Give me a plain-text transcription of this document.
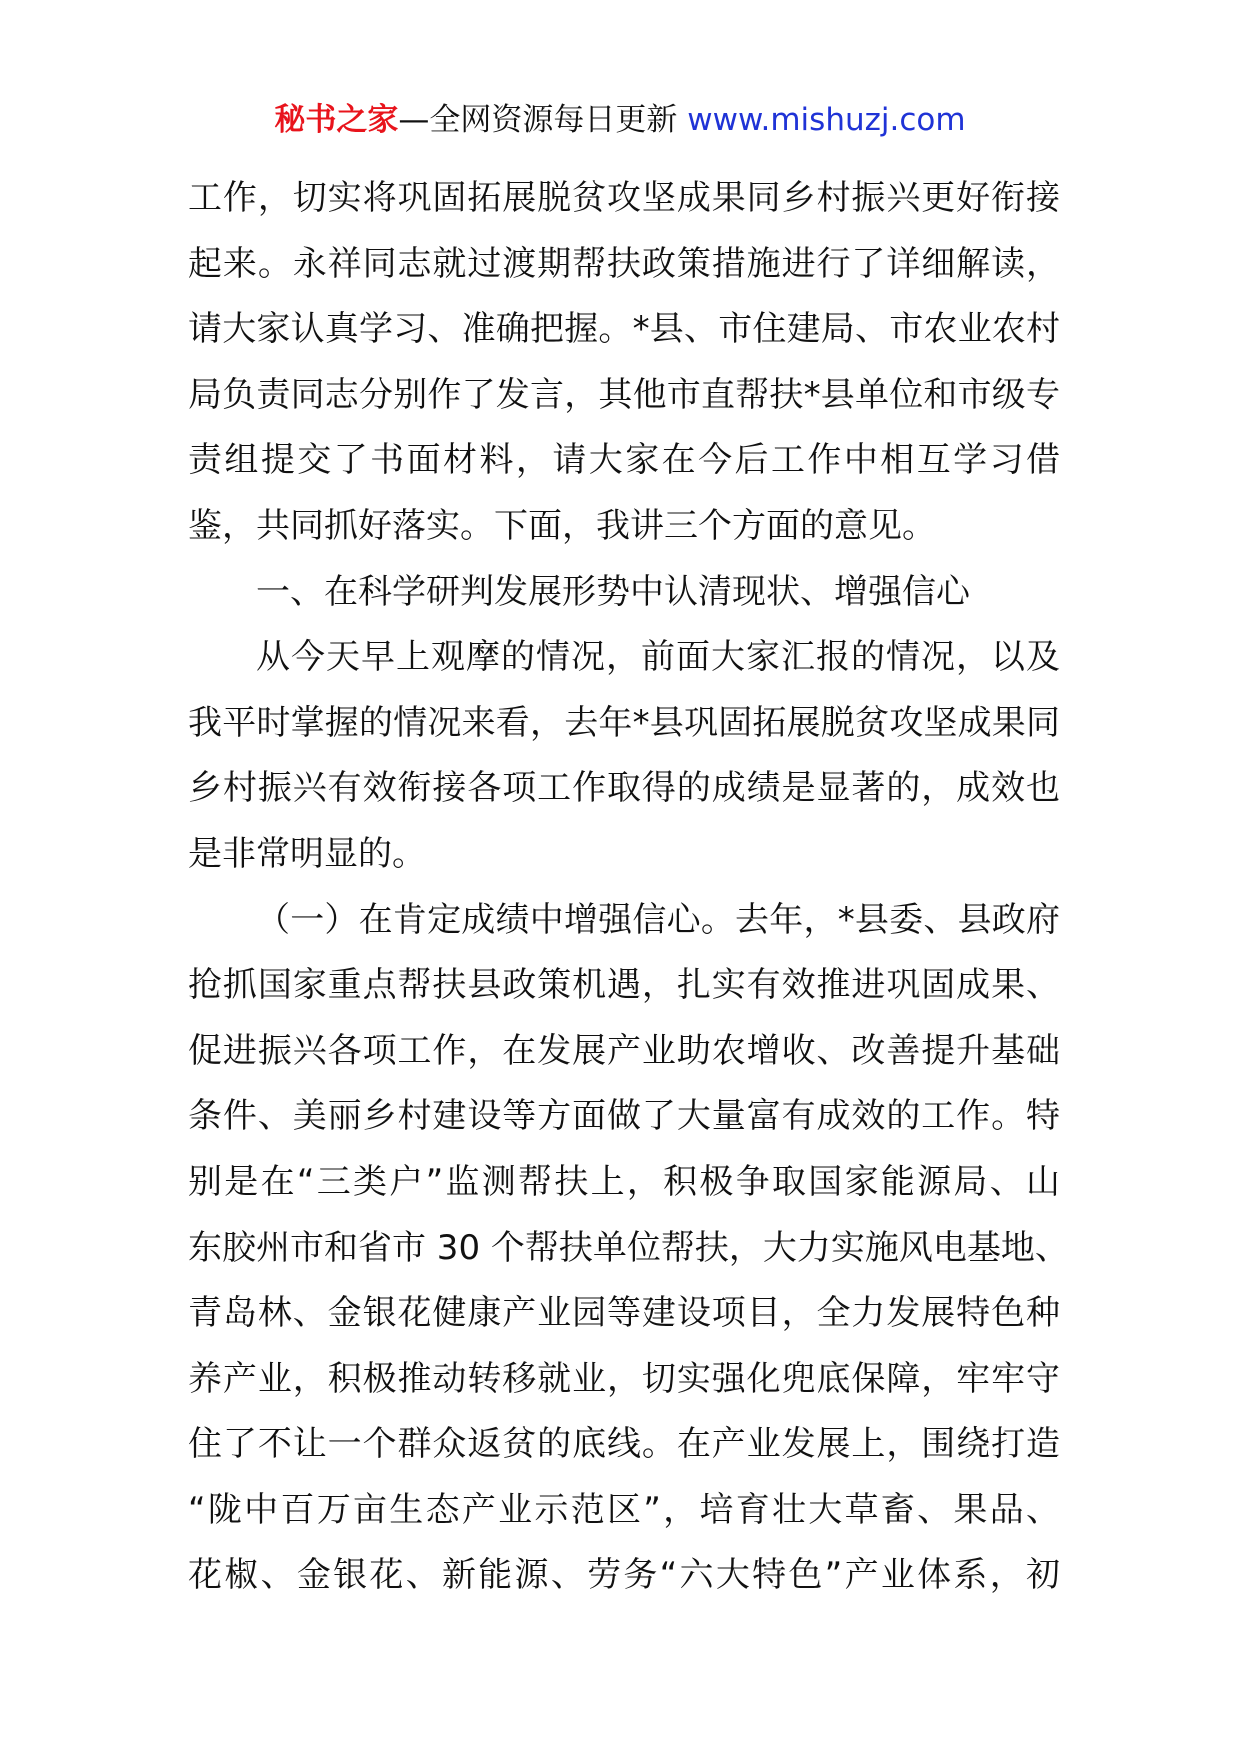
秘书之家—全网资源每日更新 www.mishuzj.com
工作，切实将巩固拓展脱贫攻坚成果同乡村振兴更好衔接
起来。永祥同志就过渡期帮扶政策措施进行了详细解读，
请大家认真学习、准确把握。*县、市住建局、市农业农村
局负责同志分别作了发言，其他市直帮扶*县单位和市级专
责组提交了书面材料，请大家在今后工作中相互学习借
鉴，共同抓好落实。下面，我讲三个方面的意见。
一、在科学研判发展形势中认清现状、增强信心
从今天早上观摩的情况，前面大家汇报的情况，以及
我平时掌握的情况来看，去年*县巩固拓展脱贫攻坚成果同
乡村振兴有效衔接各项工作取得的成绩是显著的，成效也
是非常明显的。
（一）在肯定成绩中增强信心。去年，*县委、县政府
抢抓国家重点帮扶县政策机遇，扎实有效推进巩固成果、
促进振兴各项工作，在发展产业助农增收、改善提升基础
条件、美丽乡村建设等方面做了大量富有成效的工作。特
别是在“三类户”监测帮扶上，积极争取国家能源局、山
东胶州市和省市 30 个帮扶单位帮扶，大力实施风电基地、
青岛林、金银花健康产业园等建设项目，全力发展特色种
养产业，积极推动转移就业，切实强化兜底保障，牢牢守
住了不让一个群众返贫的底线。在产业发展上，围绕打造
“陇中百万亩生态产业示范区”，培育壮大草畜、果品、
花椒、金银花、新能源、劳务“六大特色”产业体系，初
